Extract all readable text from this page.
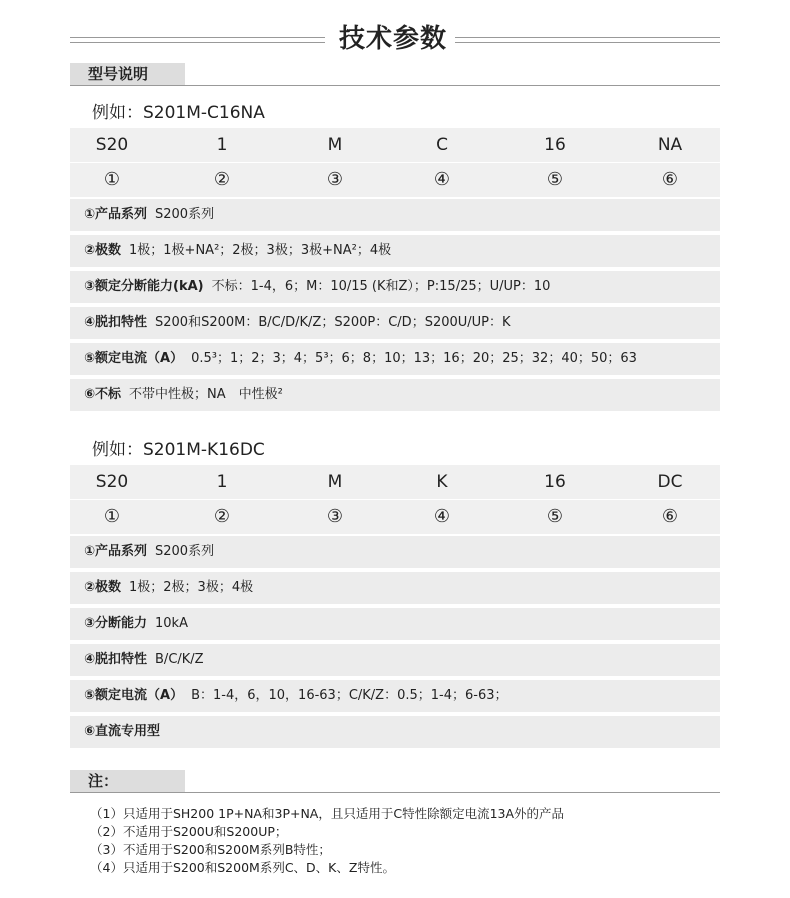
技术参数
型号说明
例如：S201M-C16NA
S20	1	M	C	16	NA
①	②	③	④	⑤	⑥
①产品系列 S200系列
②极数 1极；1极+NA²；2极；3极；3极+NA²；4极
③额定分断能力(kA) 不标：1-4，6；M：10/15 (K和Z）；P:15/25；U/UP：10
④脱扣特性 S200和S200M：B/C/D/K/Z；S200P：C/D；S200U/UP：K
⑤额定电流（A） 0.5³；1；2；3；4；5³；6；8；10；13；16；20；25；32；40；50；63
⑥不标 不带中性极；NA　中性极²
例如：S201M-K16DC
S20	1	M	K	16	DC
①	②	③	④	⑤	⑥
①产品系列 S200系列
②极数 1极；2极；3极；4极
③分断能力 10kA
④脱扣特性 B/C/K/Z
⑤额定电流（A） B：1-4，6，10，16-63；C/K/Z：0.5；1-4；6-63；
⑥直流专用型
注：
（1）只适用于SH200 1P+NA和3P+NA，且只适用于C特性除额定电流13A外的产品
（2）不适用于S200U和S200UP；
（3）不适用于S200和S200M系列B特性；
（4）只适用于S200和S200M系列C、D、K、Z特性。
